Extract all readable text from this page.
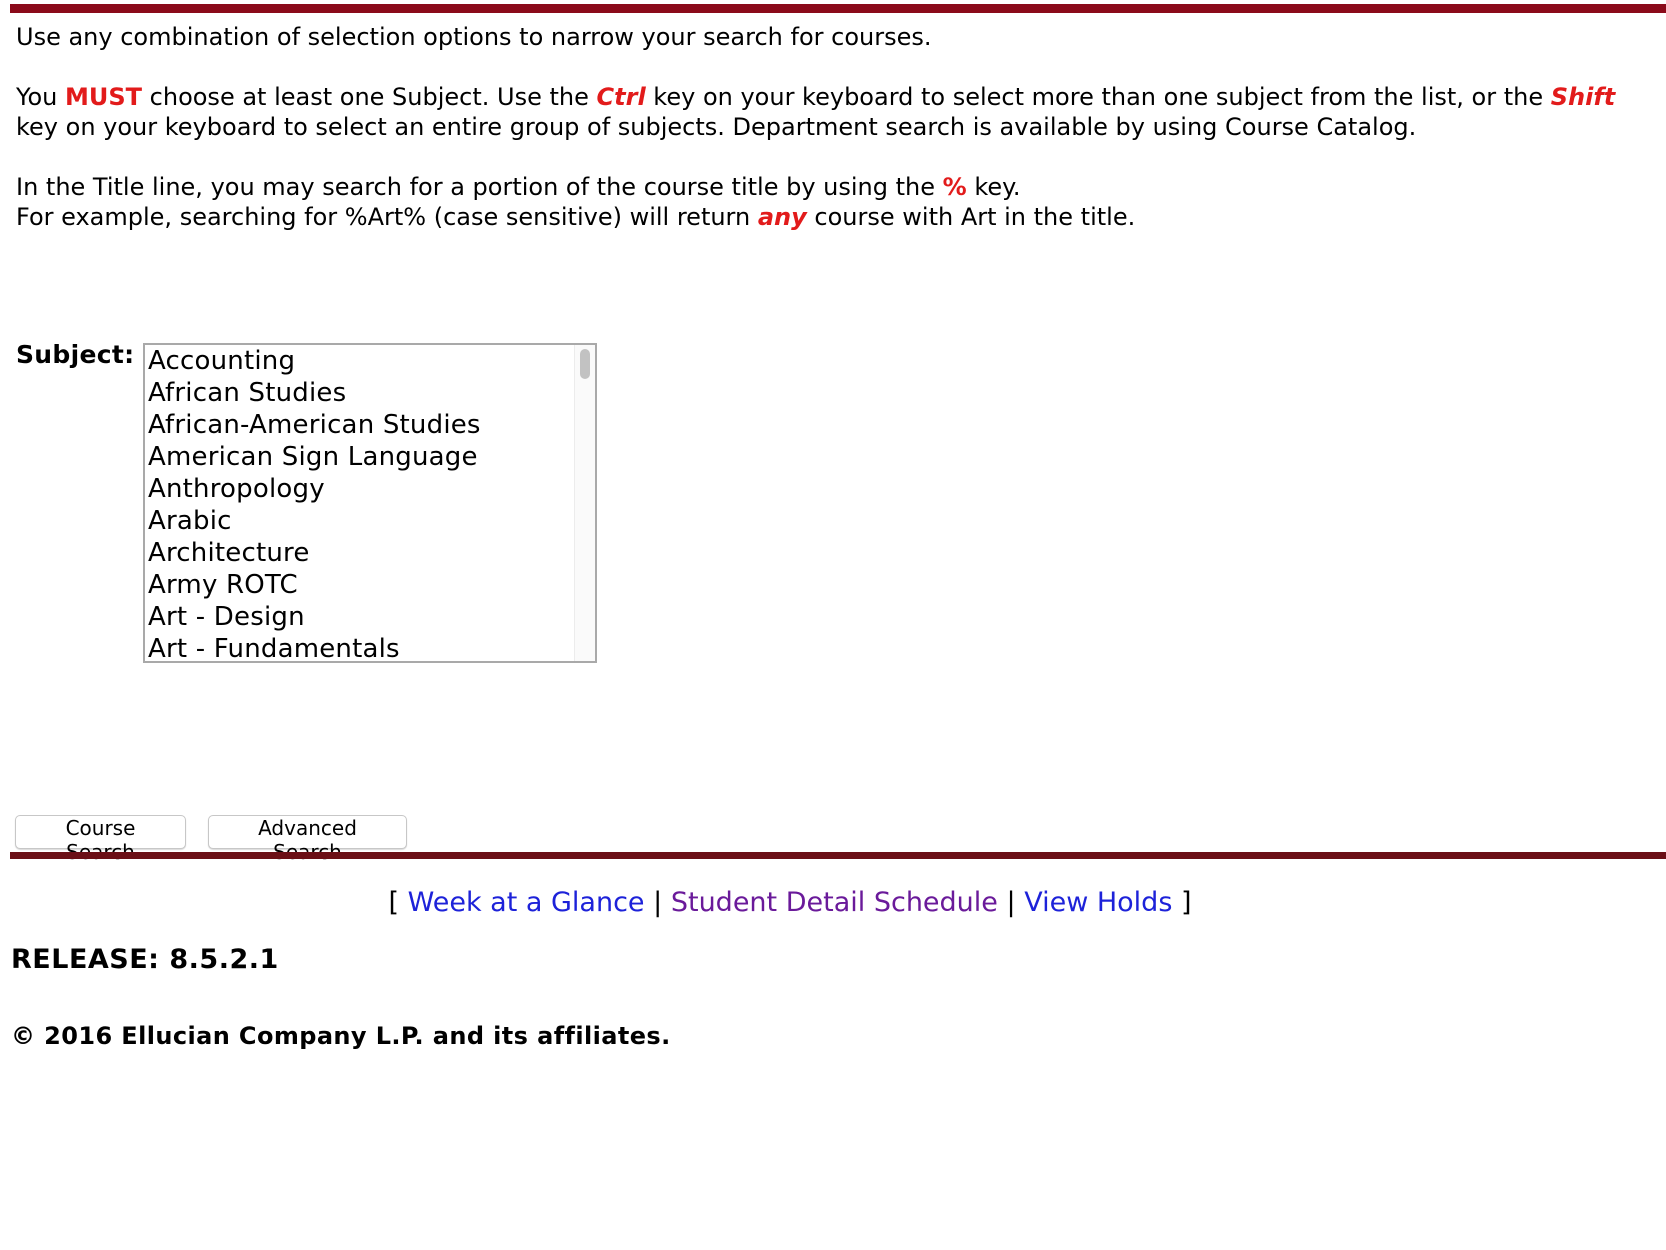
Use any combination of selection options to narrow your search for courses.

You MUST choose at least one Subject. Use the Ctrl key on your keyboard to select more than one subject from the list, or the Shift key on your keyboard to select an entire group of subjects. Department search is available by using Course Catalog.

In the Title line, you may search for a portion of the course title by using the % key.
For example, searching for %Art% (case sensitive) will return any course with Art in the title.

Subject: Accounting
African Studies
African-American Studies
American Sign Language
Anthropology
Arabic
Architecture
Army ROTC
Art - Design
Art - Fundamentals
Course	Advanced
[ Week at a Glance | Student Detail Schedule | View Holds ]
RELEASE: 8.5.2.1
© 2016 Ellucian Company L.P. and its affiliates.
